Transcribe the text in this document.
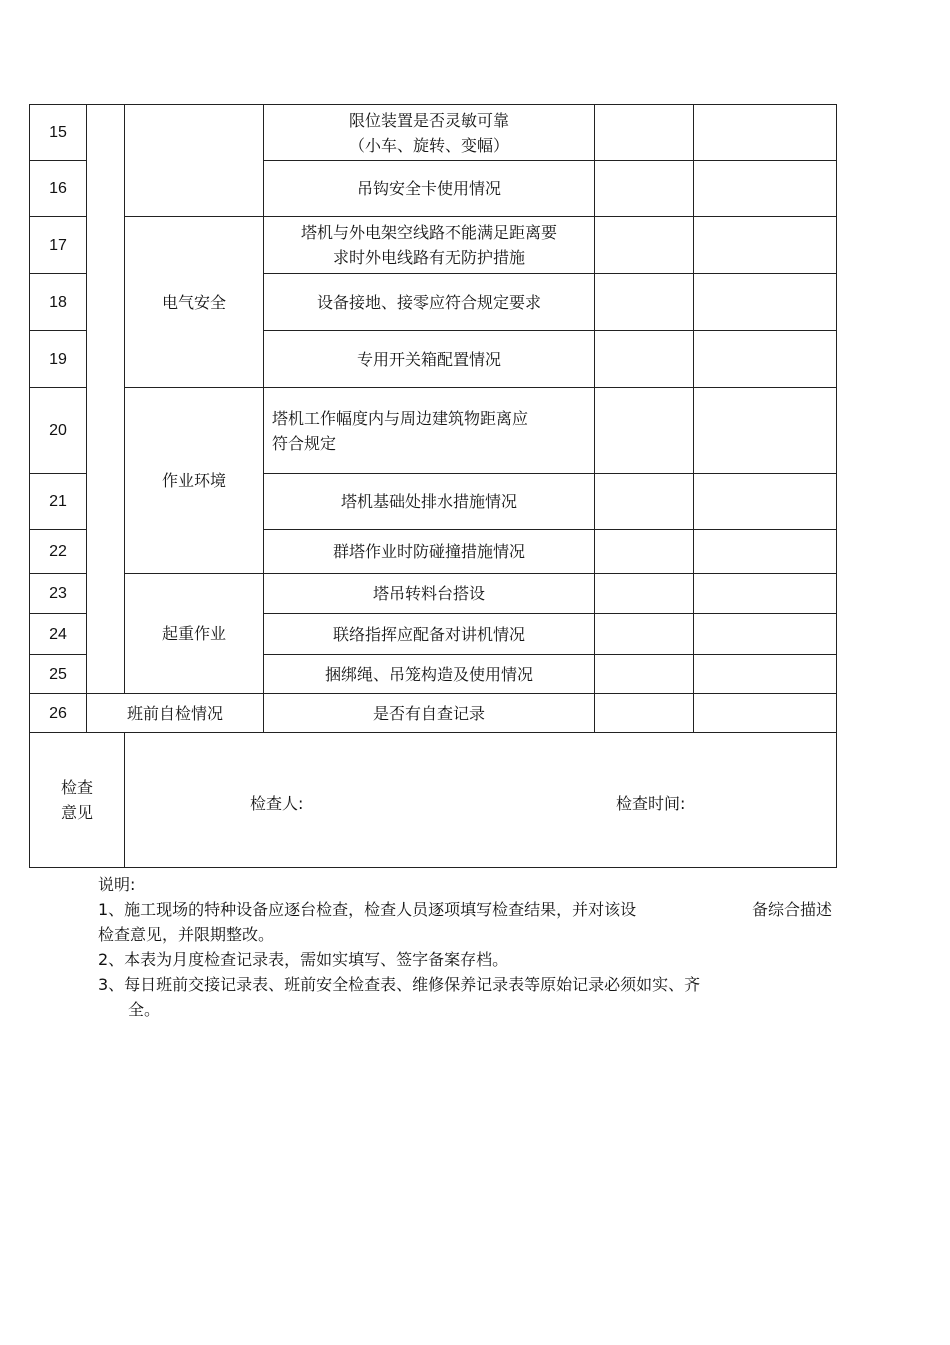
15			限位装置是否灵敏可靠
（小车、旋转、变幅）		
16			吊钩安全卡使用情况		
17		电气安全	塔机与外电架空线路不能满足距离要
求时外电线路有无防护措施		
18			设备接地、接零应符合规定要求		
19			专用开关箱配置情况		
20		作业环境	塔机工作幅度内与周边建筑物距离应
符合规定		
21			塔机基础处排水措施情况		
22			群塔作业时防碰撞措施情况		
23		起重作业	塔吊转料台搭设		
24			联络指挥应配备对讲机情况		
25			捆绑绳、吊笼构造及使用情况		
26	班前自检情况		是否有自查记录		
检查
意见		检查人: 检查时间:			
说明:
1、施工现场的特种设备应逐台检查，检查人员逐项填写检查结果，并对该设	备综合描述
检查意见，并限期整改。
2、本表为月度检查记录表，需如实填写、签字备案存档。
3、每日班前交接记录表、班前安全检查表、维修保养记录表等原始记录必须如实、齐
全。
